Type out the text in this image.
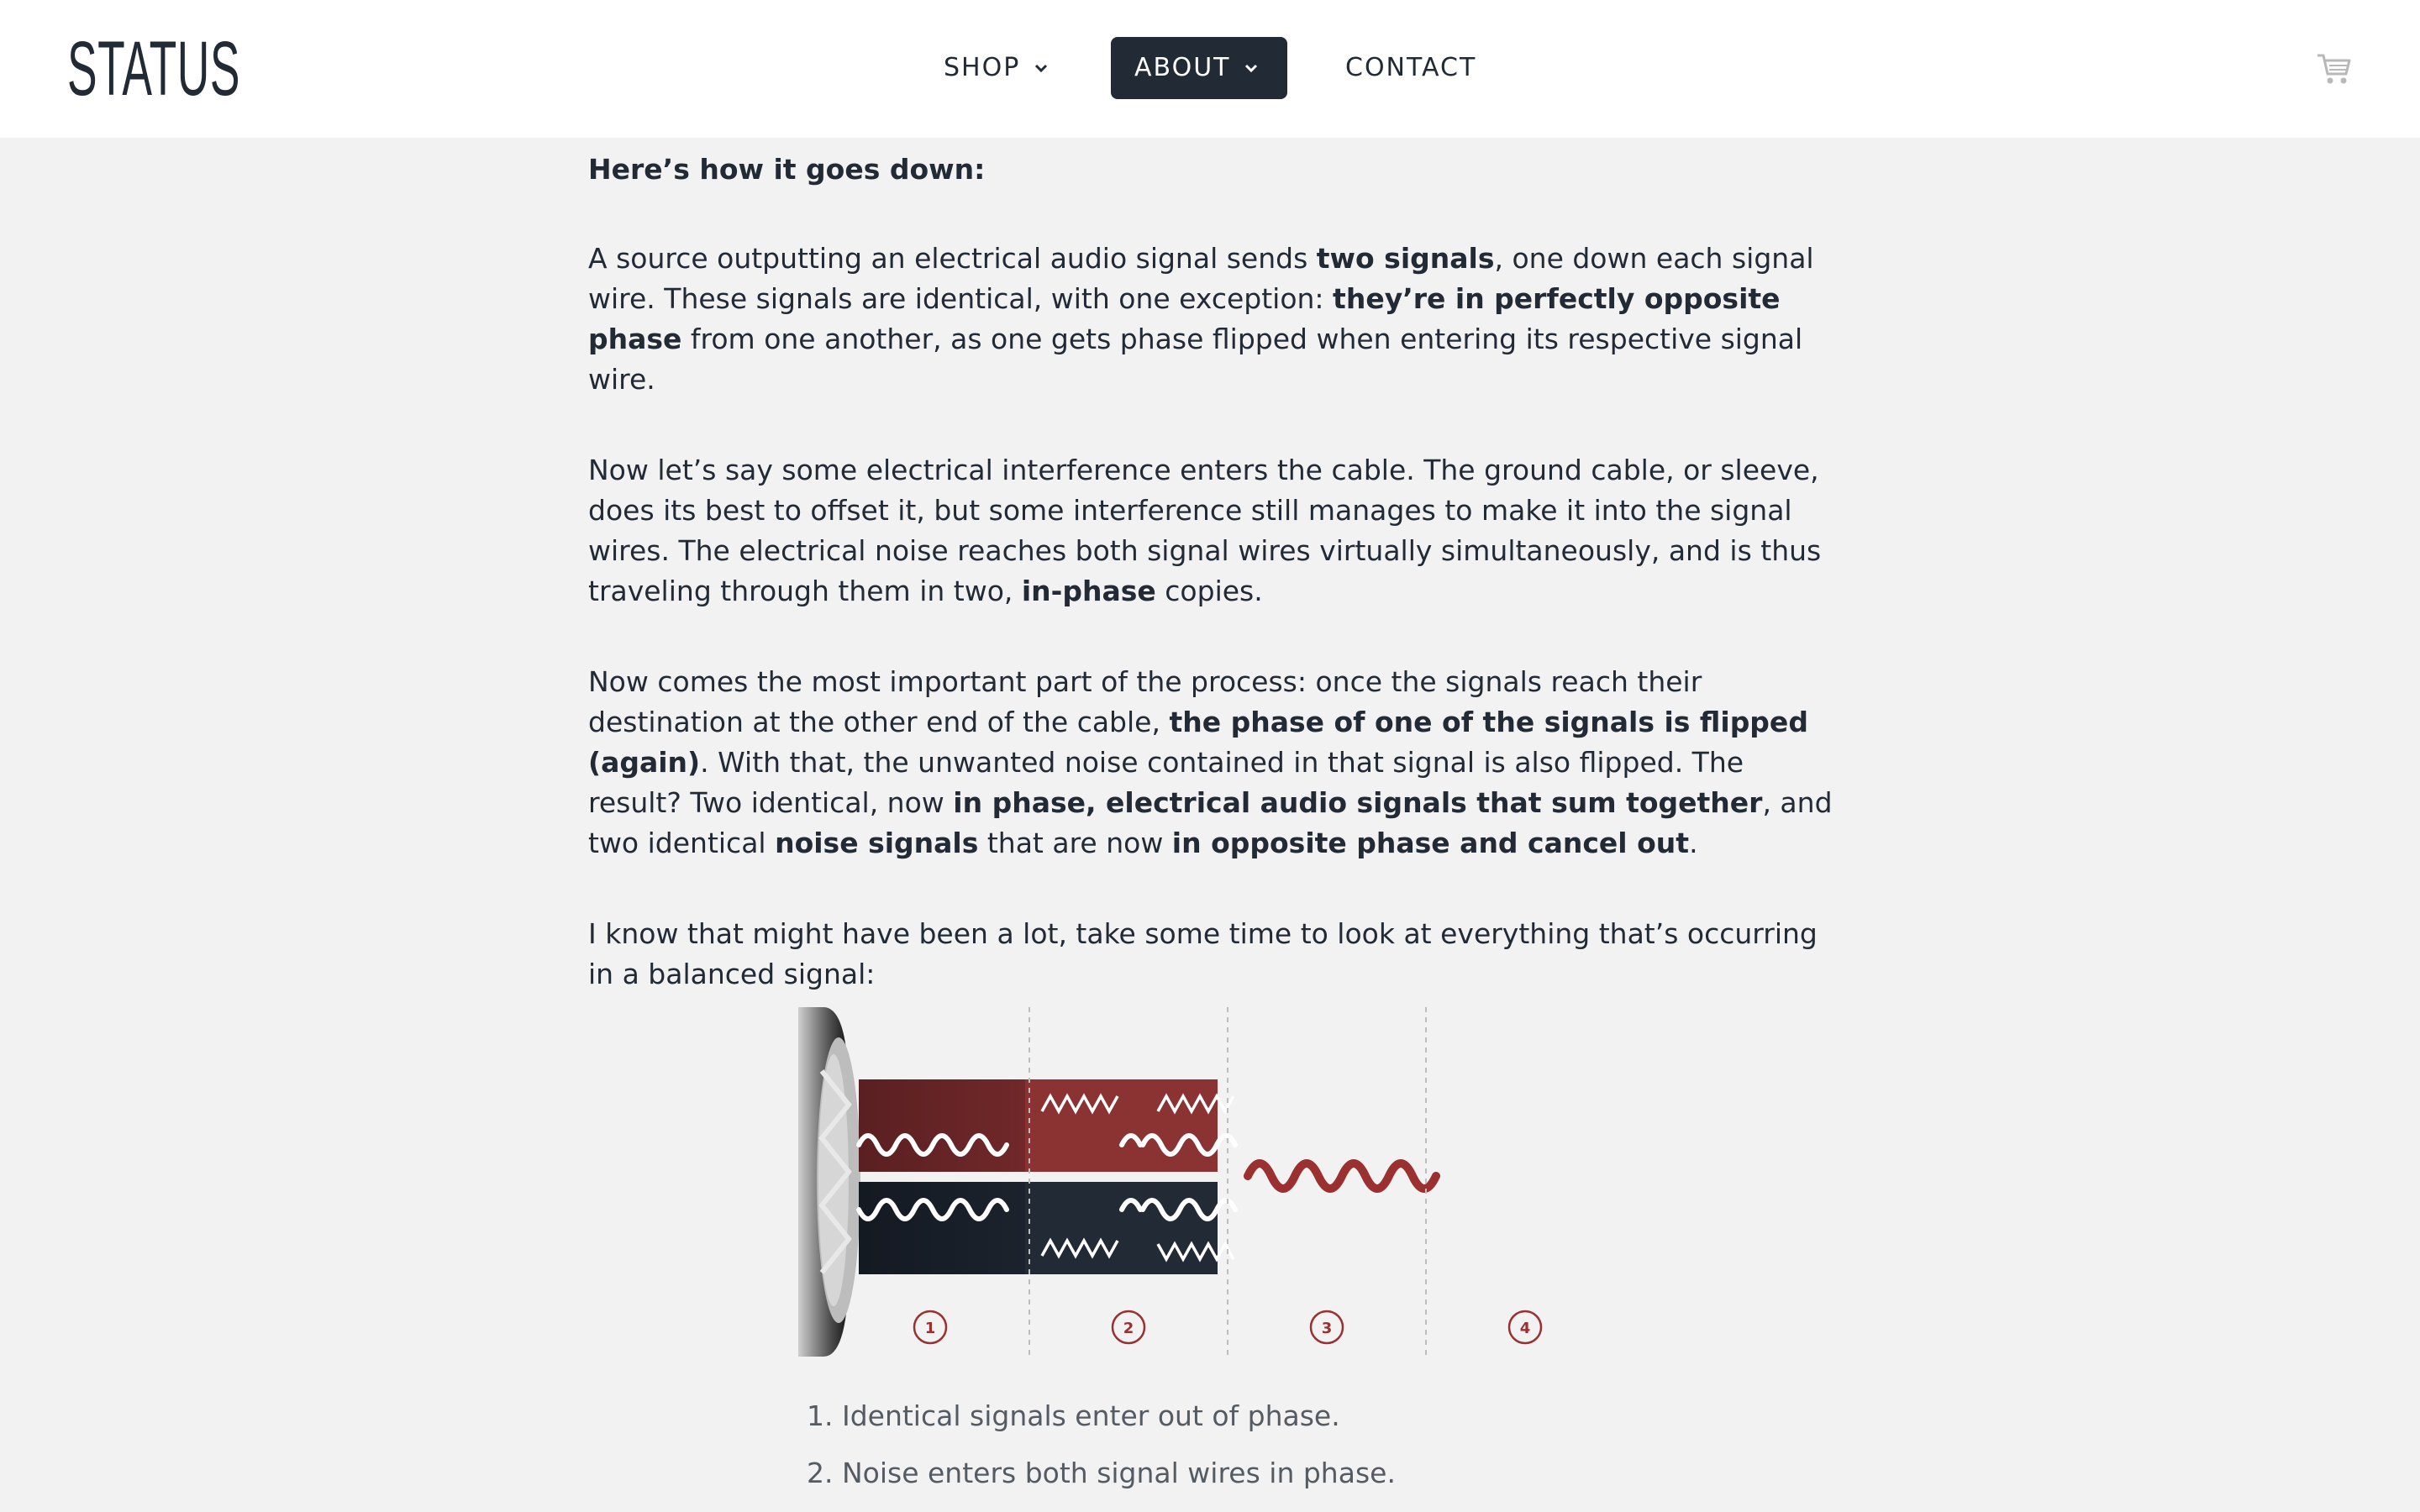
STATUS	SHOP	ABOUT	CONTACT

Here’s how it goes down:

A source outputting an electrical audio signal sends two signals, one down each signal wire. These signals are identical, with one exception: they’re in perfectly opposite phase from one another, as one gets phase flipped when entering its respective signal wire.

Now let’s say some electrical interference enters the cable. The ground cable, or sleeve, does its best to offset it, but some interference still manages to make it into the signal wires. The electrical noise reaches both signal wires virtually simultaneously, and is thus traveling through them in two, in-phase copies.

Now comes the most important part of the process: once the signals reach their destination at the other end of the cable, the phase of one of the signals is flipped (again). With that, the unwanted noise contained in that signal is also flipped. The result? Two identical, now in phase, electrical audio signals that sum together, and two identical noise signals that are now in opposite phase and cancel out.

I know that might have been a lot, take some time to look at everything that’s occurring in a balanced signal:

1	2	3	4
1. Identical signals enter out of phase.
2. Noise enters both signal wires in phase.
